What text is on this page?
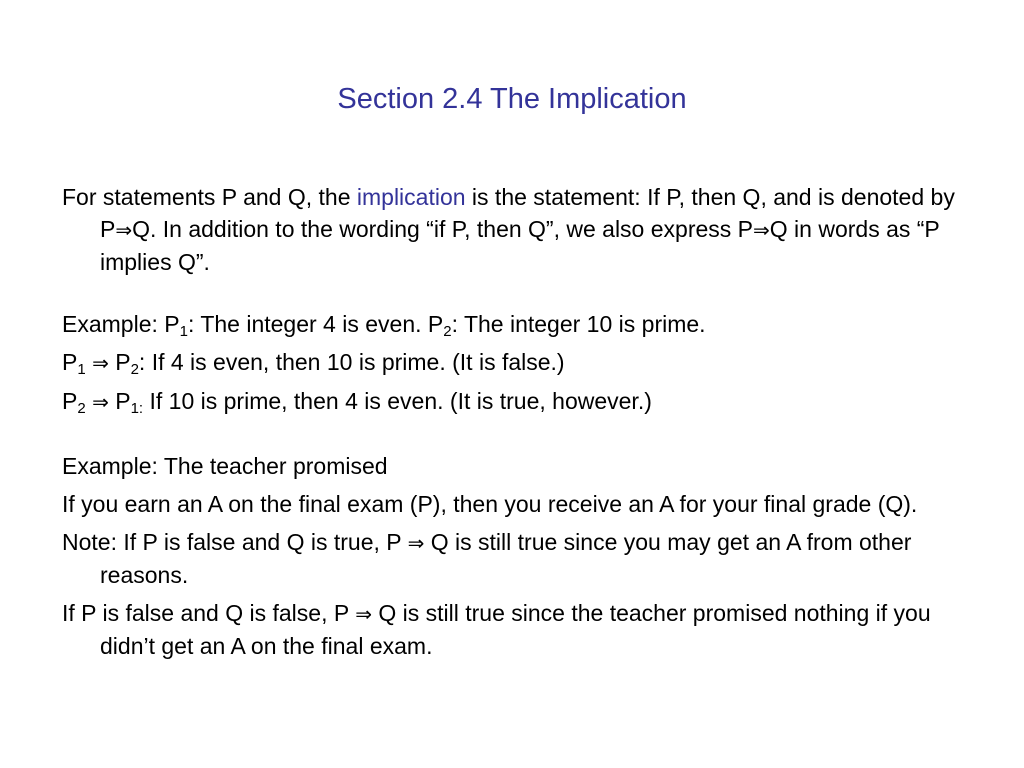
Section 2.4 The Implication

For statements P and Q, the implication is the statement: If P, then Q, and is denoted by P⇒Q. In addition to the wording “if P, then Q”, we also express P⇒Q in words as “P implies Q”.

Example: $P_1$: The integer 4 is even. $P_2$: The integer 10 is prime.

$P_1$ ⇒ $P_2$: If 4 is even, then 10 is prime. (It is false.)

$P_2$ ⇒ $P_{1:}$ If 10 is prime, then 4 is even. (It is true, however.)

Example: The teacher promised

If you earn an A on the final exam (P), then you receive an A for your final grade (Q).

Note: If P is false and Q is true, P ⇒ Q is still true since you may get an A from other reasons.

If P is false and Q is false, P ⇒ Q is still true since the teacher promised nothing if you didn’t get an A on the final exam.
